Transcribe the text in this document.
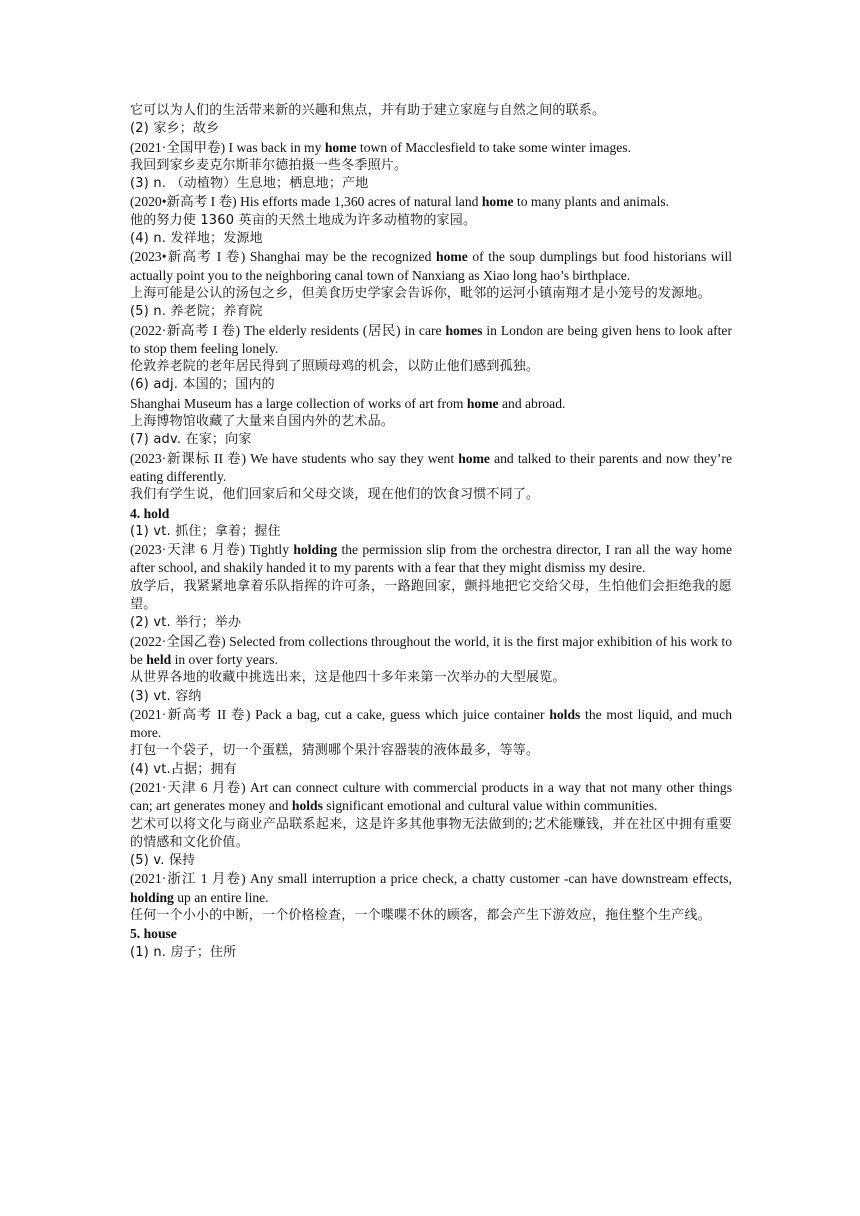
它可以为人们的生活带来新的兴趣和焦点，并有助于建立家庭与自然之间的联系。

(2) 家乡；故乡

(2021·全国甲卷) I was back in my home town of Macclesfield to take some winter images.

我回到家乡麦克尔斯菲尔德拍摄一些冬季照片。

(3) n. （动植物）生息地；栖息地；产地

(2020•新高考 I 卷) His efforts made 1,360 acres of natural land home to many plants and animals.

他的努力使 1360 英亩的天然土地成为许多动植物的家园。

(4) n. 发祥地；发源地

(2023•新高考 I 卷) Shanghai may be the recognized home of the soup dumplings but food historians will actually point you to the neighboring canal town of Nanxiang as Xiao long hao’s birthplace.

上海可能是公认的汤包之乡，但美食历史学家会告诉你，毗邻的运河小镇南翔才是小笼号的发源地。

(5) n. 养老院；养育院

(2022·新高考 I 卷) The elderly residents (居民) in care homes in London are being given hens to look after to stop them feeling lonely.

伦敦养老院的老年居民得到了照顾母鸡的机会，以防止他们感到孤独。

(6) adj. 本国的；国内的

Shanghai Museum has a large collection of works of art from home and abroad.

上海博物馆收藏了大量来自国内外的艺术品。

(7) adv. 在家；向家

(2023·新课标 II 卷) We have students who say they went home and talked to their parents and now they’re eating differently.

我们有学生说，他们回家后和父母交谈，现在他们的饮食习惯不同了。

4. hold

(1) vt. 抓住；拿着；握住

(2023·天津 6 月卷) Tightly holding the permission slip from the orchestra director, I ran all the way home after school, and shakily handed it to my parents with a fear that they might dismiss my desire.

放学后，我紧紧地拿着乐队指挥的许可条，一路跑回家，颤抖地把它交给父母，生怕他们会拒绝我的愿望。

(2) vt. 举行；举办

(2022·全国乙卷) Selected from collections throughout the world, it is the first major exhibition of his work to be held in over forty years.

从世界各地的收藏中挑选出来，这是他四十多年来第一次举办的大型展览。

(3) vt. 容纳

(2021·新高考 II 卷) Pack a bag, cut a cake, guess which juice container holds the most liquid, and much more.

打包一个袋子，切一个蛋糕，猜测哪个果汁容器装的液体最多，等等。

(4) vt.占据；拥有

(2021·天津 6 月卷) Art can connect culture with commercial products in a way that not many other things can; art generates money and holds significant emotional and cultural value within communities.

艺术可以将文化与商业产品联系起来，这是许多其他事物无法做到的;艺术能赚钱，并在社区中拥有重要的情感和文化价值。

(5) v. 保持

(2021·浙江 1 月卷) Any small interruption a price check, a chatty customer -can have downstream effects, holding up an entire line.

任何一个小小的中断，一个价格检查，一个喋喋不休的顾客，都会产生下游效应，拖住整个生产线。

5. house

(1) n. 房子；住所
